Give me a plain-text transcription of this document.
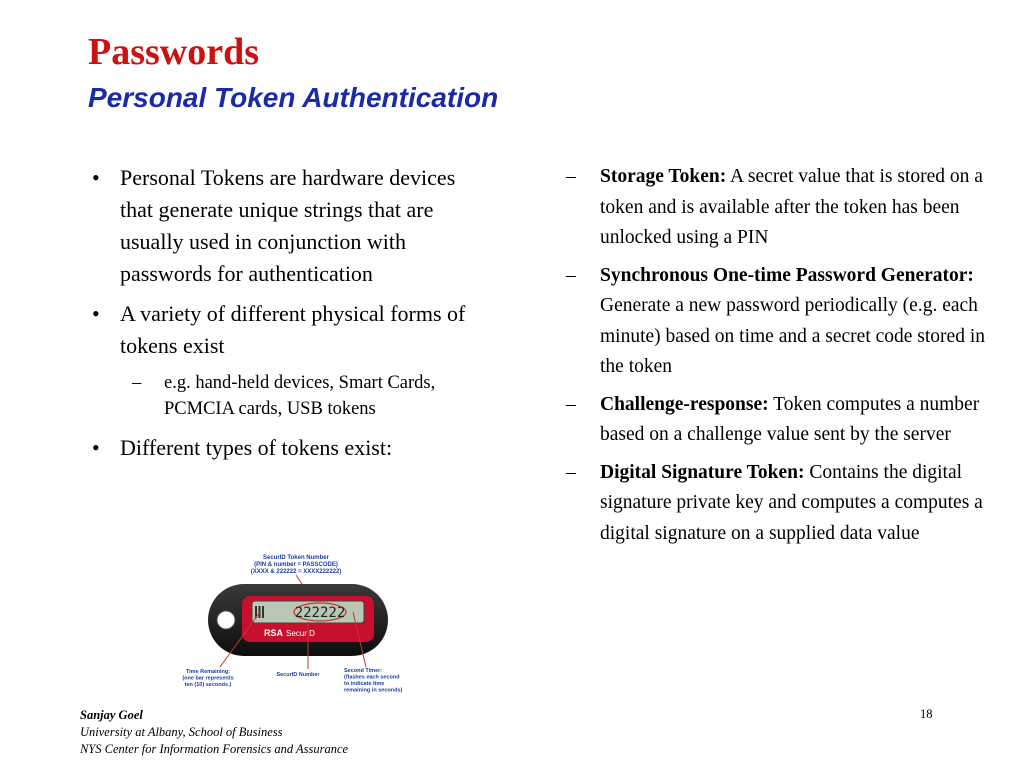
Passwords
Personal Token Authentication
• Personal Tokens are hardware devices that generate unique strings that are usually used in conjunction with passwords for authentication
• A variety of different physical forms of tokens exist
– e.g. hand-held devices, Smart Cards, PCMCIA cards, USB tokens
• Different types of tokens exist:
– Storage Token: A secret value that is stored on a token and is available after the token has been unlocked using a PIN
– Synchronous One-time Password Generator: Generate a new password periodically (e.g. each minute) based on time and a secret code stored in the token
– Challenge-response: Token computes a number based on a challenge value sent by the server
– Digital Signature Token: Contains the digital signature private key and computes a computes a digital signature on a supplied data value
SecurID Token Number
(PIN & number = PASSCODE)
(XXXX & 222222 = XXXX222222)
222222
RSA SecurID
Time Remaining:
(one bar represents
ten (10) seconds.)
SecurID Number
Second Timer:
(flashes each second
to indicate time
remaining in seconds)
Sanjay Goel
University at Albany, School of Business
NYS Center for Information Forensics and Assurance
18
